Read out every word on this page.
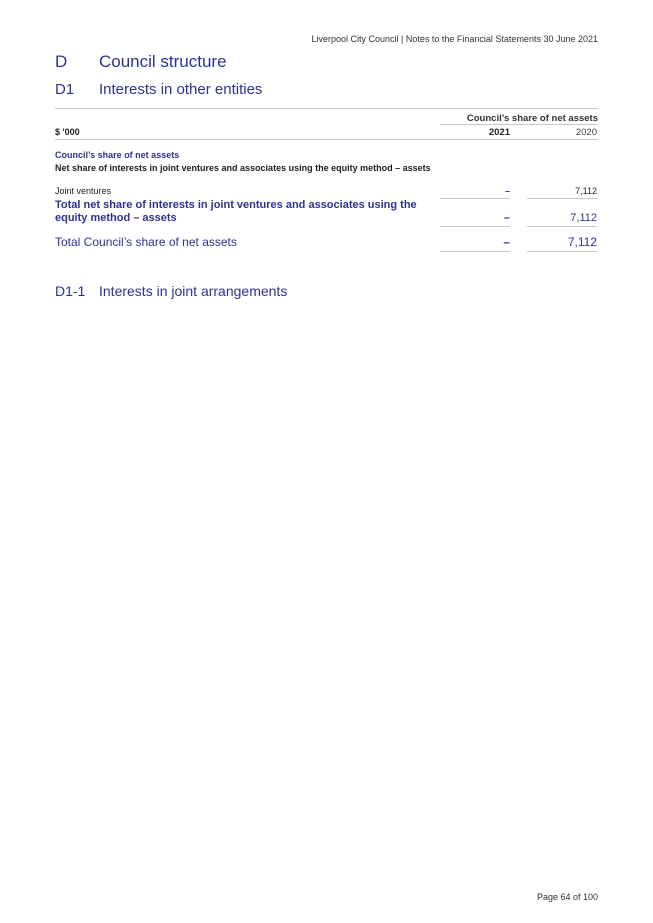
Liverpool City Council | Notes to the Financial Statements 30 June 2021
D	Council structure
D1	Interests in other entities
Council’s share of net assets
$ '000	2021	2020
Council’s share of net assets
Net share of interests in joint ventures and associates using the equity method – assets
Joint ventures	–	7,112
Total net share of interests in joint ventures and associates using the equity method – assets	–	7,112
Total Council’s share of net assets	–	7,112
D1-1 Interests in joint arrangements
Page 64 of 100
